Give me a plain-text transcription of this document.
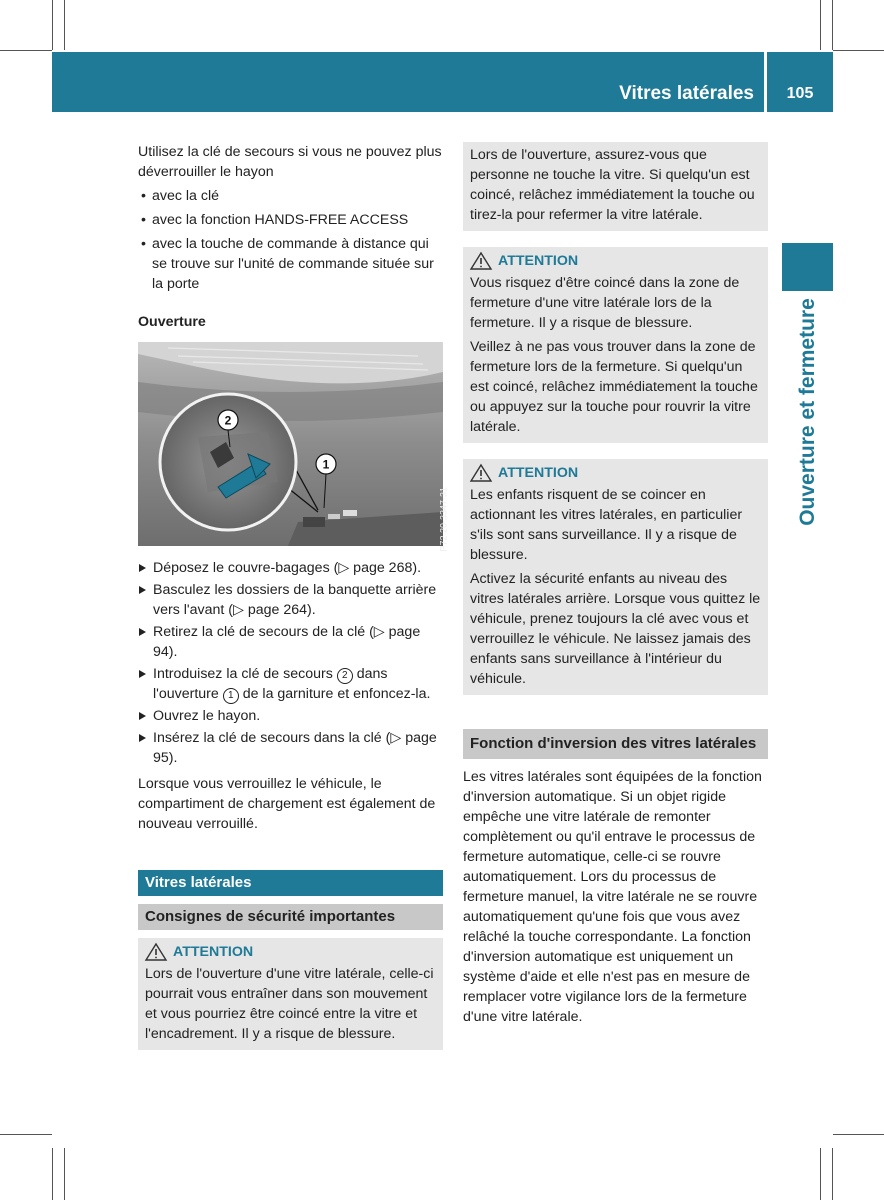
Vitres latérales	105
Ouverture et fermeture

Utilisez la clé de secours si vous ne pouvez plus déverrouiller le hayon

• avec la clé
• avec la fonction HANDS-FREE ACCESS
• avec la touche de commande à distance qui se trouve sur l'unité de commande située sur la porte
Ouverture
2
1
P72.20-3347-31
Déposez le couvre-bagages (▷ page 268).
Basculez les dossiers de la banquette arrière vers l'avant (▷ page 264).
Retirez la clé de secours de la clé (▷ page 94).
Introduisez la clé de secours 2 dans l'ouverture 1 de la garniture et enfoncez-la.
Ouvrez le hayon.
Insérez la clé de secours dans la clé (▷ page 95).

Lorsque vous verrouillez le véhicule, le compartiment de chargement est également de nouveau verrouillé.

Vitres latérales
Consignes de sécurité importantes
ATTENTION

Lors de l'ouverture d'une vitre latérale, celle-ci pourrait vous entraîner dans son mouvement et vous pourriez être coincé entre la vitre et l'encadrement. Il y a risque de blessure.

Lors de l'ouverture, assurez-vous que personne ne touche la vitre. Si quelqu'un est coincé, relâchez immédiatement la touche ou tirez-la pour refermer la vitre latérale.

ATTENTION

Vous risquez d'être coincé dans la zone de fermeture d'une vitre latérale lors de la fermeture. Il y a risque de blessure.

Veillez à ne pas vous trouver dans la zone de fermeture lors de la fermeture. Si quelqu'un est coincé, relâchez immédiatement la touche ou appuyez sur la touche pour rouvrir la vitre latérale.

ATTENTION

Les enfants risquent de se coincer en actionnant les vitres latérales, en particulier s'ils sont sans surveillance. Il y a risque de blessure.

Activez la sécurité enfants au niveau des vitres latérales arrière. Lorsque vous quittez le véhicule, prenez toujours la clé avec vous et verrouillez le véhicule. Ne laissez jamais des enfants sans surveillance à l'intérieur du véhicule.

Fonction d'inversion des vitres latérales

Les vitres latérales sont équipées de la fonction d'inversion automatique. Si un objet rigide empêche une vitre latérale de remonter complètement ou qu'il entrave le processus de fermeture automatique, celle-ci se rouvre automatiquement. Lors du processus de fermeture manuel, la vitre latérale ne se rouvre automatiquement qu'une fois que vous avez relâché la touche correspondante. La fonction d'inversion automatique est uniquement un système d'aide et elle n'est pas en mesure de remplacer votre vigilance lors de la fermeture d'une vitre latérale.
